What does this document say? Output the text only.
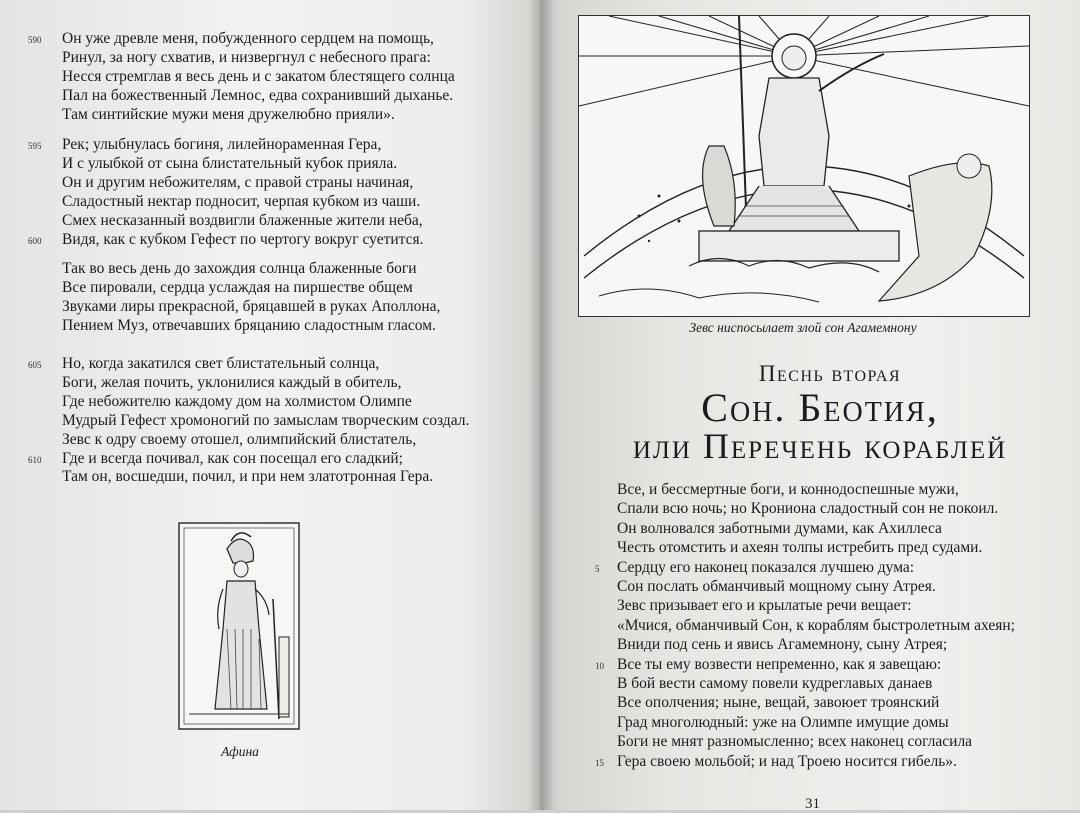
590 Он уже древле меня, побужденного сердцем на помощь,
Ринул, за ногу схватив, и низвергнул с небесного прага:
Несся стремглав я весь день и с закатом блестящего солнца
Пал на божественный Лемнос, едва сохранивший дыханье.
Там синтийские мужи меня дружелюбно прияли».
595 Рек; улыбнулась богиня, лилейнораменная Гера,
И с улыбкой от сына блистательный кубок прияла.
Он и другим небожителям, с правой страны начиная,
Сладостный нектар подносит, черпая кубком из чаши.
Смех несказанный воздвигли блаженные жители неба,
600 Видя, как с кубком Гефест по чертогу вокруг суетится.
Так во весь день до захождия солнца блаженные боги
Все пировали, сердца услаждая на пиршестве общем
Звуками лиры прекрасной, бряцавшей в руках Аполлона,
Пением Муз, отвечавших бряцанию сладостным гласом.
605 Но, когда закатился свет блистательный солнца,
Боги, желая почить, уклонилися каждый в обитель,
Где небожителю каждому дом на холмистом Олимпе
Мудрый Гефест хромоногий по замыслам творческим создал.
Зевс к одру своему отошел, олимпийский блистатель,
610 Где и всегда почивал, как сон посещал его сладкий;
Там он, восшедши, почил, и при нем златотронная Гера.
Афина
Зевс ниспосылает злой сон Агамемнону
Песнь вторая
Сон. Беотия,
или Перечень кораблей
Все, и бессмертные боги, и коннодоспешные мужи,
Спали всю ночь; но Крониона сладостный сон не покоил.
Он волновался заботными думами, как Ахиллеса
Честь отомстить и ахеян толпы истребить пред судами.
5 Сердцу его наконец показался лучшею дума:
Сон послать обманчивый мощному сыну Атрея.
Зевс призывает его и крылатые речи вещает:
«Мчися, обманчивый Сон, к кораблям быстролетным ахеян;
Вниди под сень и явись Агамемнону, сыну Атрея;
10 Все ты ему возвести непременно, как я завещаю:
В бой вести самому повели кудреглавых данаев
Все ополчения; ныне, вещай, завоюет троянский
Град многолюдный: уже на Олимпе имущие домы
Боги не мнят разномысленно; всех наконец согласила
15 Гера своею мольбой; и над Троею носится гибель».
31
